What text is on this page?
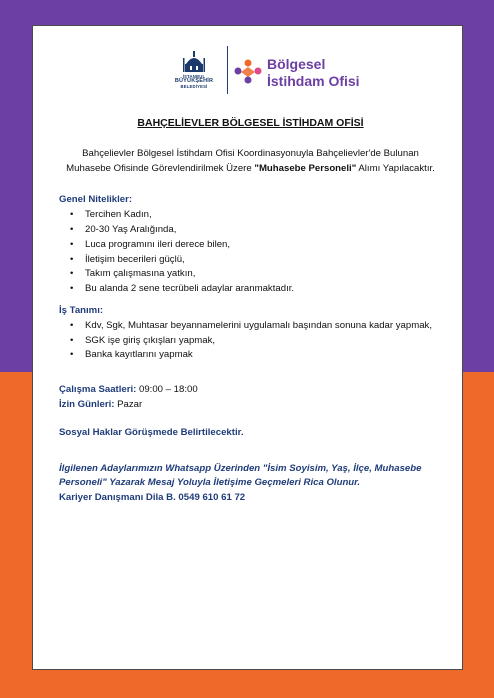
İSTANBUL
BÜYÜKŞEHİR
BELEDİYESİ
Bölgesel
İstihdam Ofisi
BAHÇELİEVLER BÖLGESEL İSTİHDAM OFİSİ
Bahçelievler Bölgesel İstihdam Ofisi Koordinasyonuyla Bahçelievler'de Bulunan Muhasebe Ofisinde Görevlendirilmek Üzere "Muhasebe Personeli" Alımı Yapılacaktır.
Genel Nitelikler:
• Tercihen Kadın,
• 20-30 Yaş Aralığında,
• Luca programını ileri derece bilen,
• İletişim becerileri güçlü,
• Takım çalışmasına yatkın,
• Bu alanda 2 sene tecrübeli adaylar aranmaktadır.
İş Tanımı:
• Kdv, Sgk, Muhtasar beyannamelerini uygulamalı başından sonuna kadar yapmak,
• SGK işe giriş çıkışları yapmak,
• Banka kayıtlarını yapmak
Çalışma Saatleri: 09:00 – 18:00
İzin Günleri: Pazar
Sosyal Haklar Görüşmede Belirtilecektir.
İlgilenen Adaylarımızın Whatsapp Üzerinden "İsim Soyisim, Yaş, İlçe, Muhasebe Personeli" Yazarak Mesaj Yoluyla İletişime Geçmeleri Rica Olunur.
Kariyer Danışmanı Dila B. 0549 610 61 72
